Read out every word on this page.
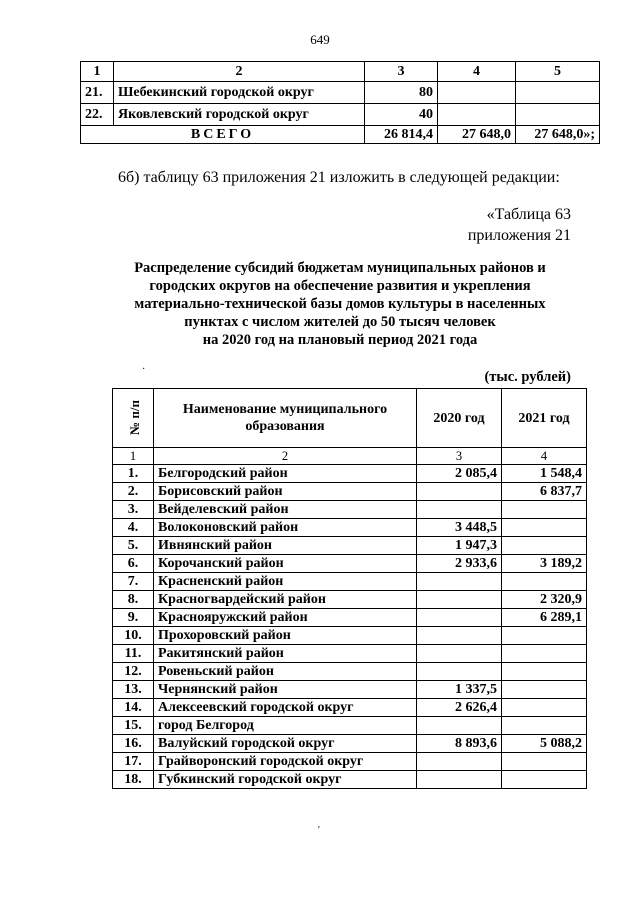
649
1	2	3	4	5
21.	Шебекинский городской округ	80		
22.	Яковлевский городской округ	40		
ВСЕГО		26 814,4	27 648,0	27 648,0»;
6б) таблицу 63 приложения 21 изложить в следующей редакции:
«Таблица 63
приложения 21
Распределение субсидий бюджетам муниципальных районов и
городских округов на обеспечение развития и укрепления
материально-технической базы домов культуры в населенных
пунктах с числом жителей до 50 тысяч человек
на 2020 год на плановый период 2021 года
·	(тыс. рублей)
№ п/п	Наименование муниципального образования	2020 год	2021 год
1	2	3	4
1.	Белгородский район	2 085,4	1 548,4
2.	Борисовский район		6 837,7
3.	Вейделевский район		
4.	Волоконовский район	3 448,5	
5.	Ивнянский район	1 947,3	
6.	Корочанский район	2 933,6	3 189,2
7.	Красненский район		
8.	Красногвардейский район		2 320,9
9.	Краснояружский район		6 289,1
10.	Прохоровский район		
11.	Ракитянский район		
12.	Ровеньский район		
13.	Чернянский район	1 337,5	
14.	Алексеевский городской округ	2 626,4	
15.	город Белгород		
16.	Валуйский городской округ	8 893,6	5 088,2
17.	Грайворонский городской округ		
18.	Губкинский городской округ		
'
